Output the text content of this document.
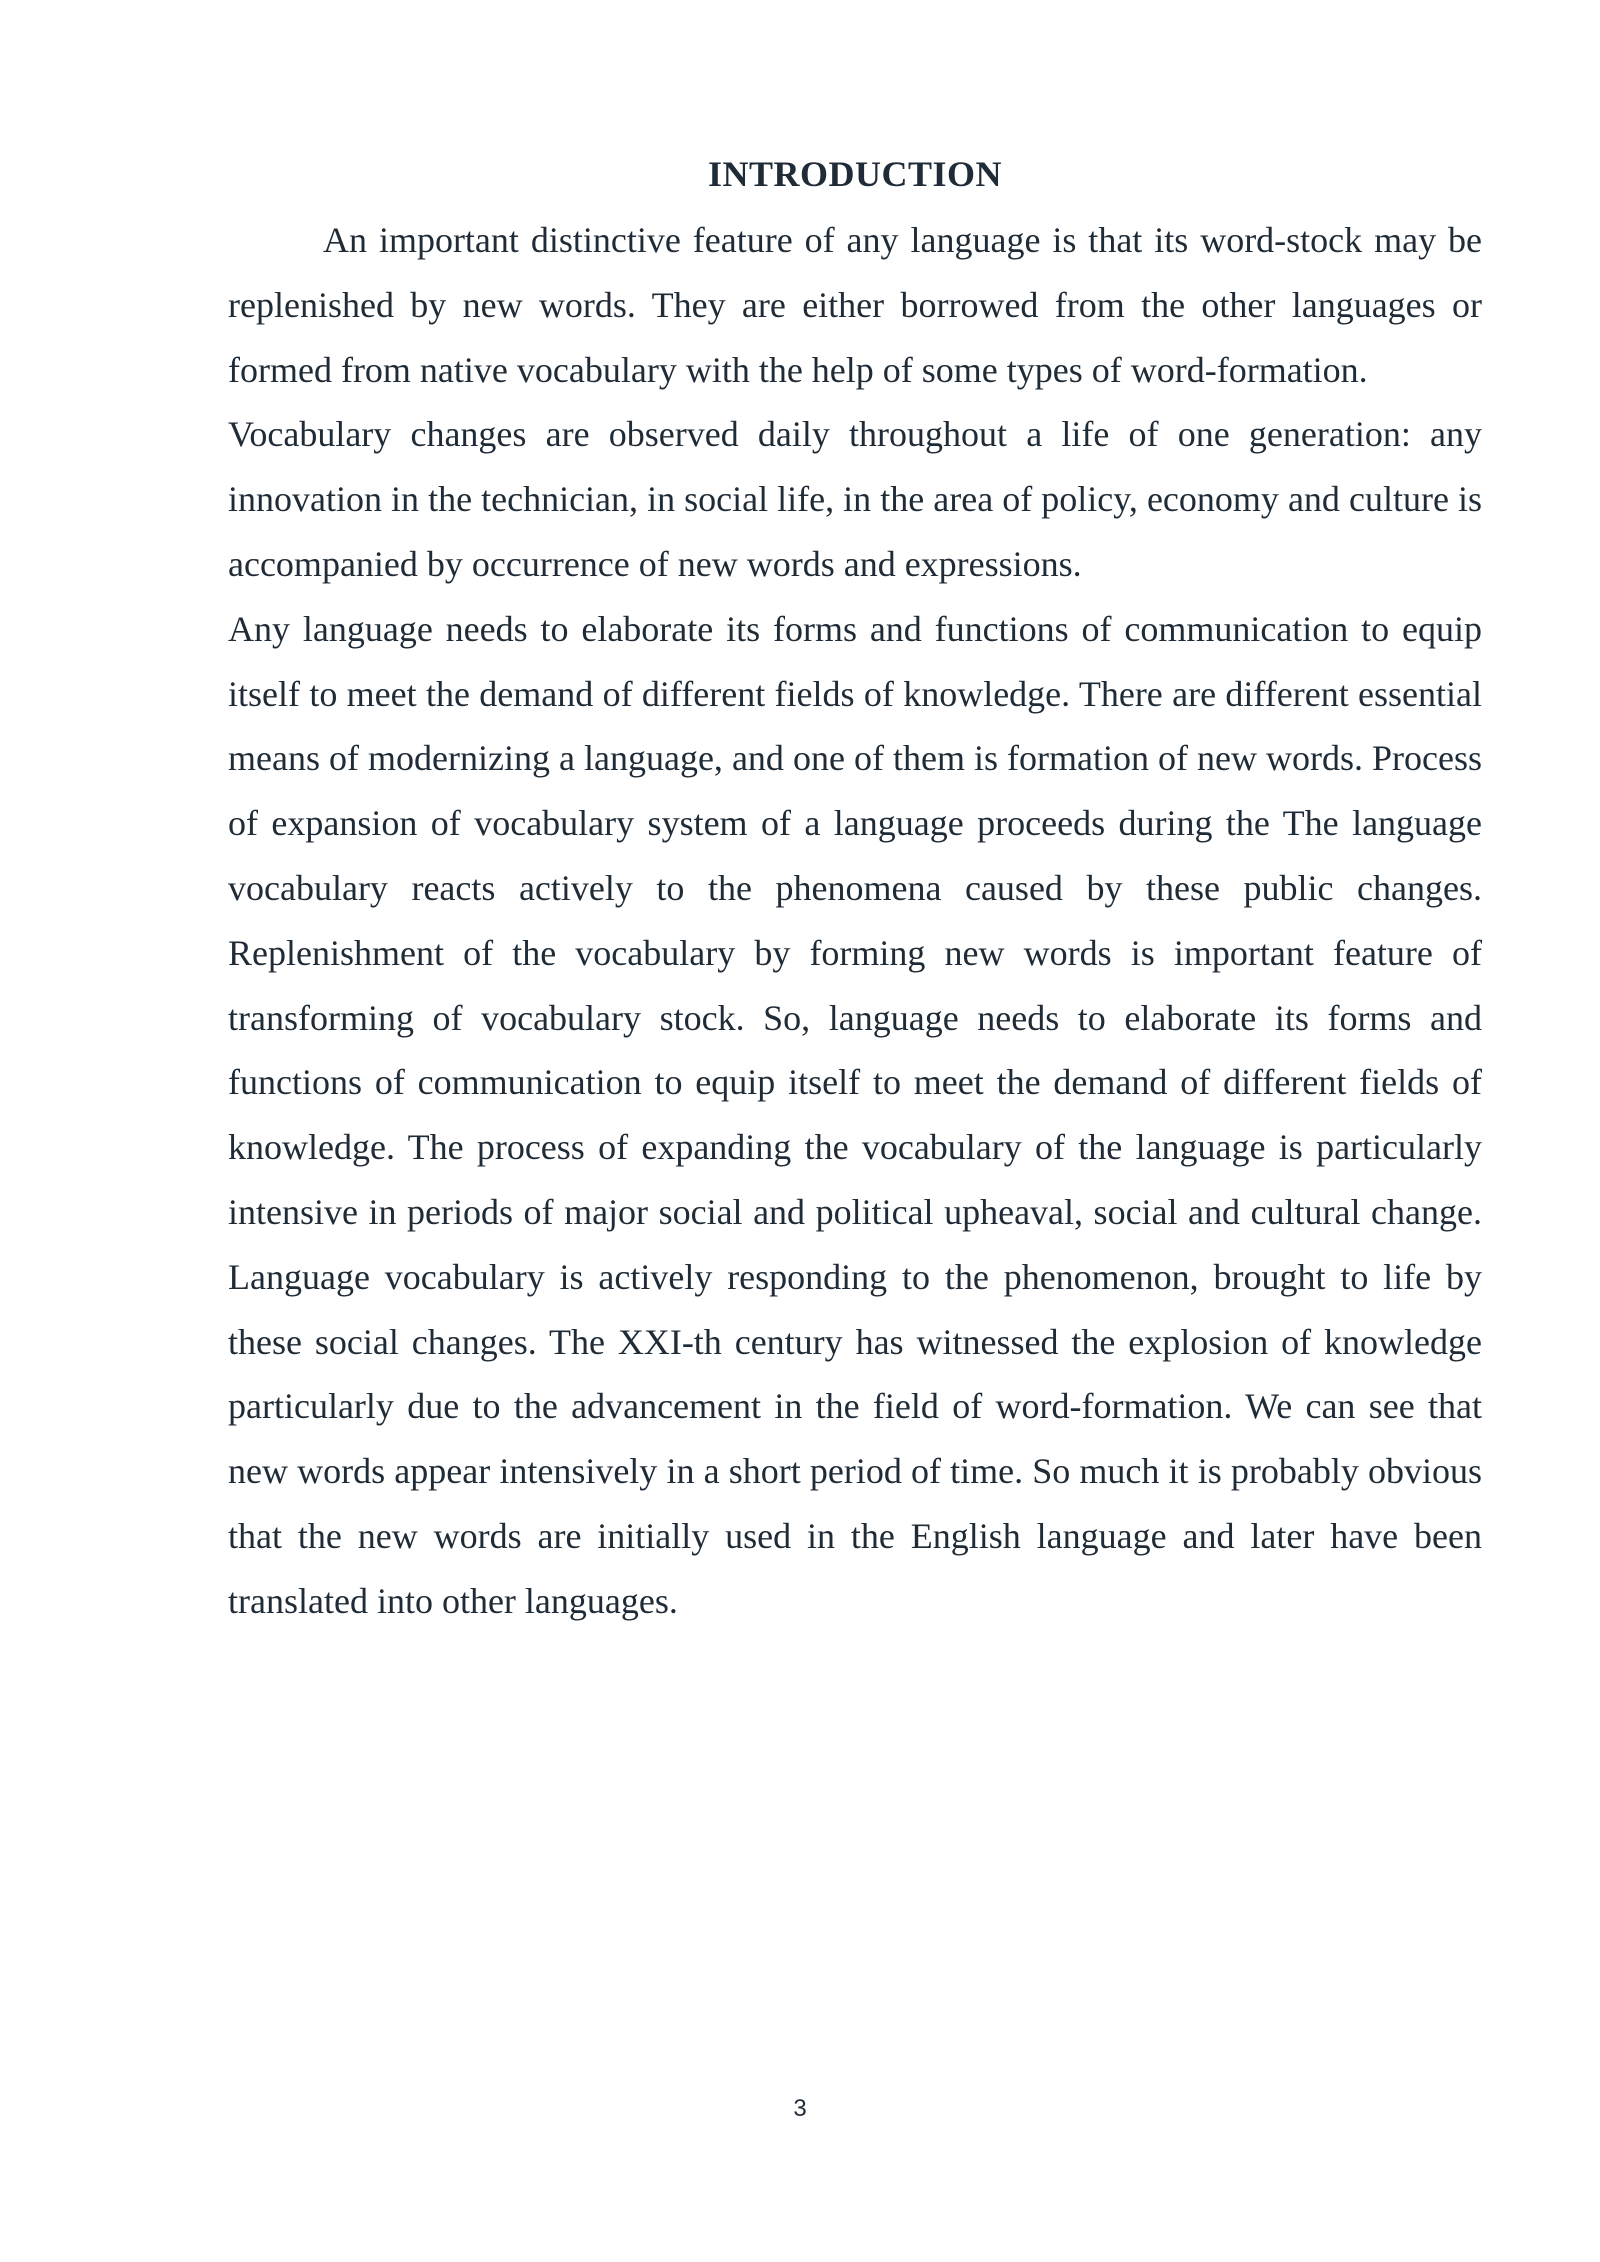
INTRODUCTION

An important distinctive feature of any language is that its word-stock may be replenished by new words. They are either borrowed from the other languages or formed from native vocabulary with the help of some types of word-formation.

Vocabulary changes are observed daily throughout a life of one generation: any innovation in the technician, in social life, in the area of policy, economy and culture is accompanied by occurrence of new words and expressions.

Any language needs to elaborate its forms and functions of communication to equip itself to meet the demand of different fields of knowledge. There are different essential means of modernizing a language, and one of them is formation of new words. Process of expansion of vocabulary system of a language proceeds during the The language vocabulary reacts actively to the phenomena caused by these public changes. Replenishment of the vocabulary by forming new words is important feature of transforming of vocabulary stock. So, language needs to elaborate its forms and functions of communication to equip itself to meet the demand of different fields of knowledge. The process of expanding the vocabulary of the language is particularly intensive in periods of major social and political upheaval, social and cultural change. Language vocabulary is actively responding to the phenomenon, brought to life by these social changes. The XXI-th century has witnessed the explosion of knowledge particularly due to the advancement in the field of word-formation. We can see that new words appear intensively in a short period of time. So much it is probably obvious that the new words are initially used in the English language and later have been translated into other languages.

3
